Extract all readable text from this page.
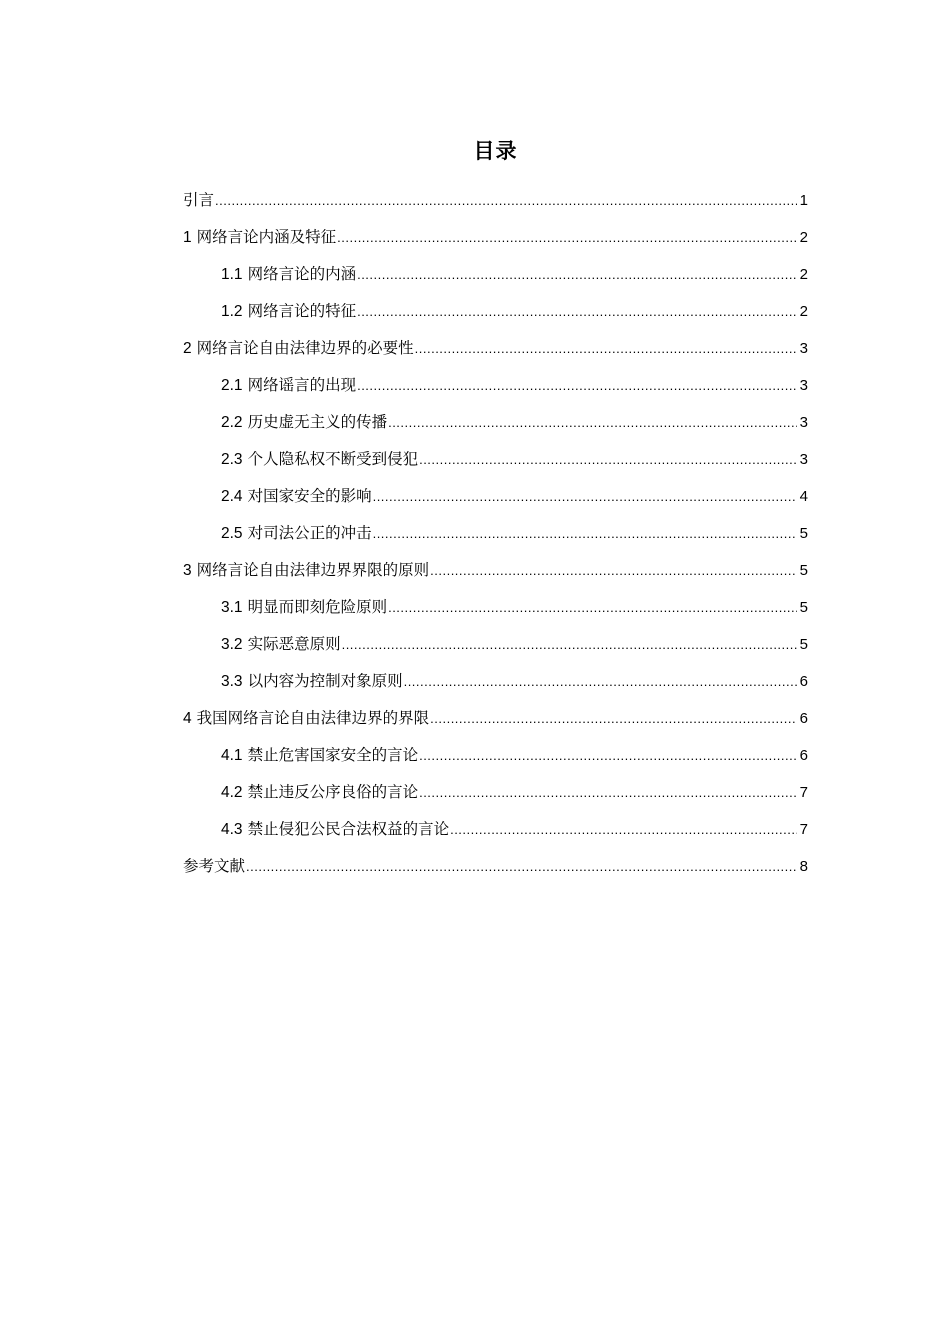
目录
引言 .....	1
1 网络言论内涵及特征 .....	2
1.1 网络言论的内涵 .....	2
1.2 网络言论的特征 .....	2
2 网络言论自由法律边界的必要性 .....	3
2.1 网络谣言的出现 .....	3
2.2 历史虚无主义的传播 .....	3
2.3 个人隐私权不断受到侵犯 .....	3
2.4 对国家安全的影响 .....	4
2.5 对司法公正的冲击 .....	5
3 网络言论自由法律边界界限的原则 .....	5
3.1 明显而即刻危险原则 .....	5
3.2 实际恶意原则 .....	5
3.3 以内容为控制对象原则 .....	6
4 我国网络言论自由法律边界的界限 .....	6
4.1 禁止危害国家安全的言论 .....	6
4.2 禁止违反公序良俗的言论 .....	7
4.3 禁止侵犯公民合法权益的言论 .....	7
参考文献 .....	8
